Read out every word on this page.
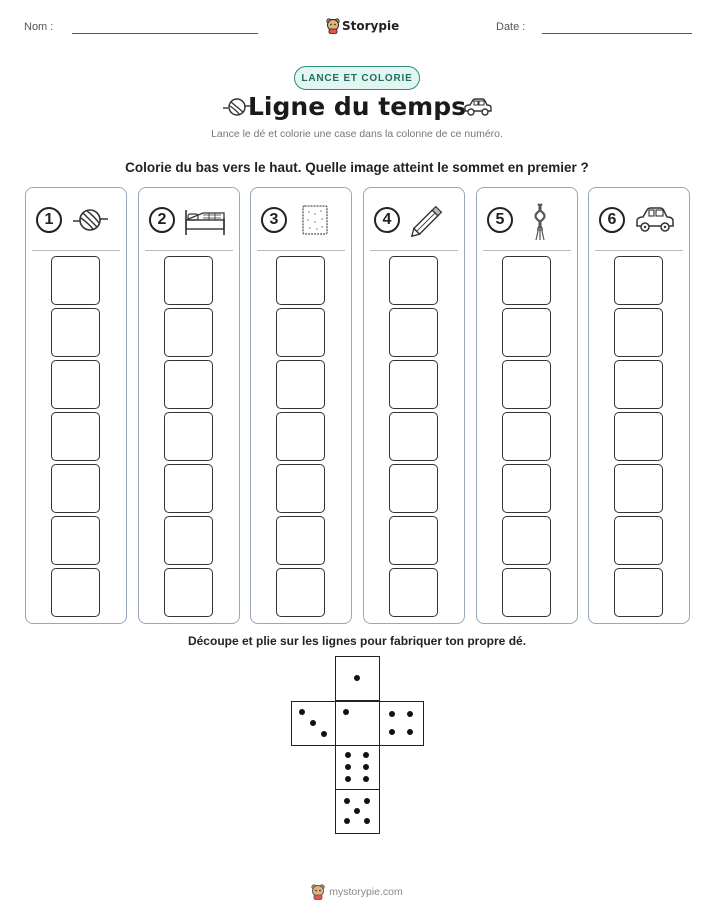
Nom :	Storypie	Date :
LANCE ET COLORIE
Ligne du temps
Lance le dé et colorie une case dans la colonne de ce numéro.
Colorie du bas vers le haut. Quelle image atteint le sommet en premier ?
1	2	3	4	5	6
Découpe et plie sur les lignes pour fabriquer ton propre dé.
mystorypie.com
